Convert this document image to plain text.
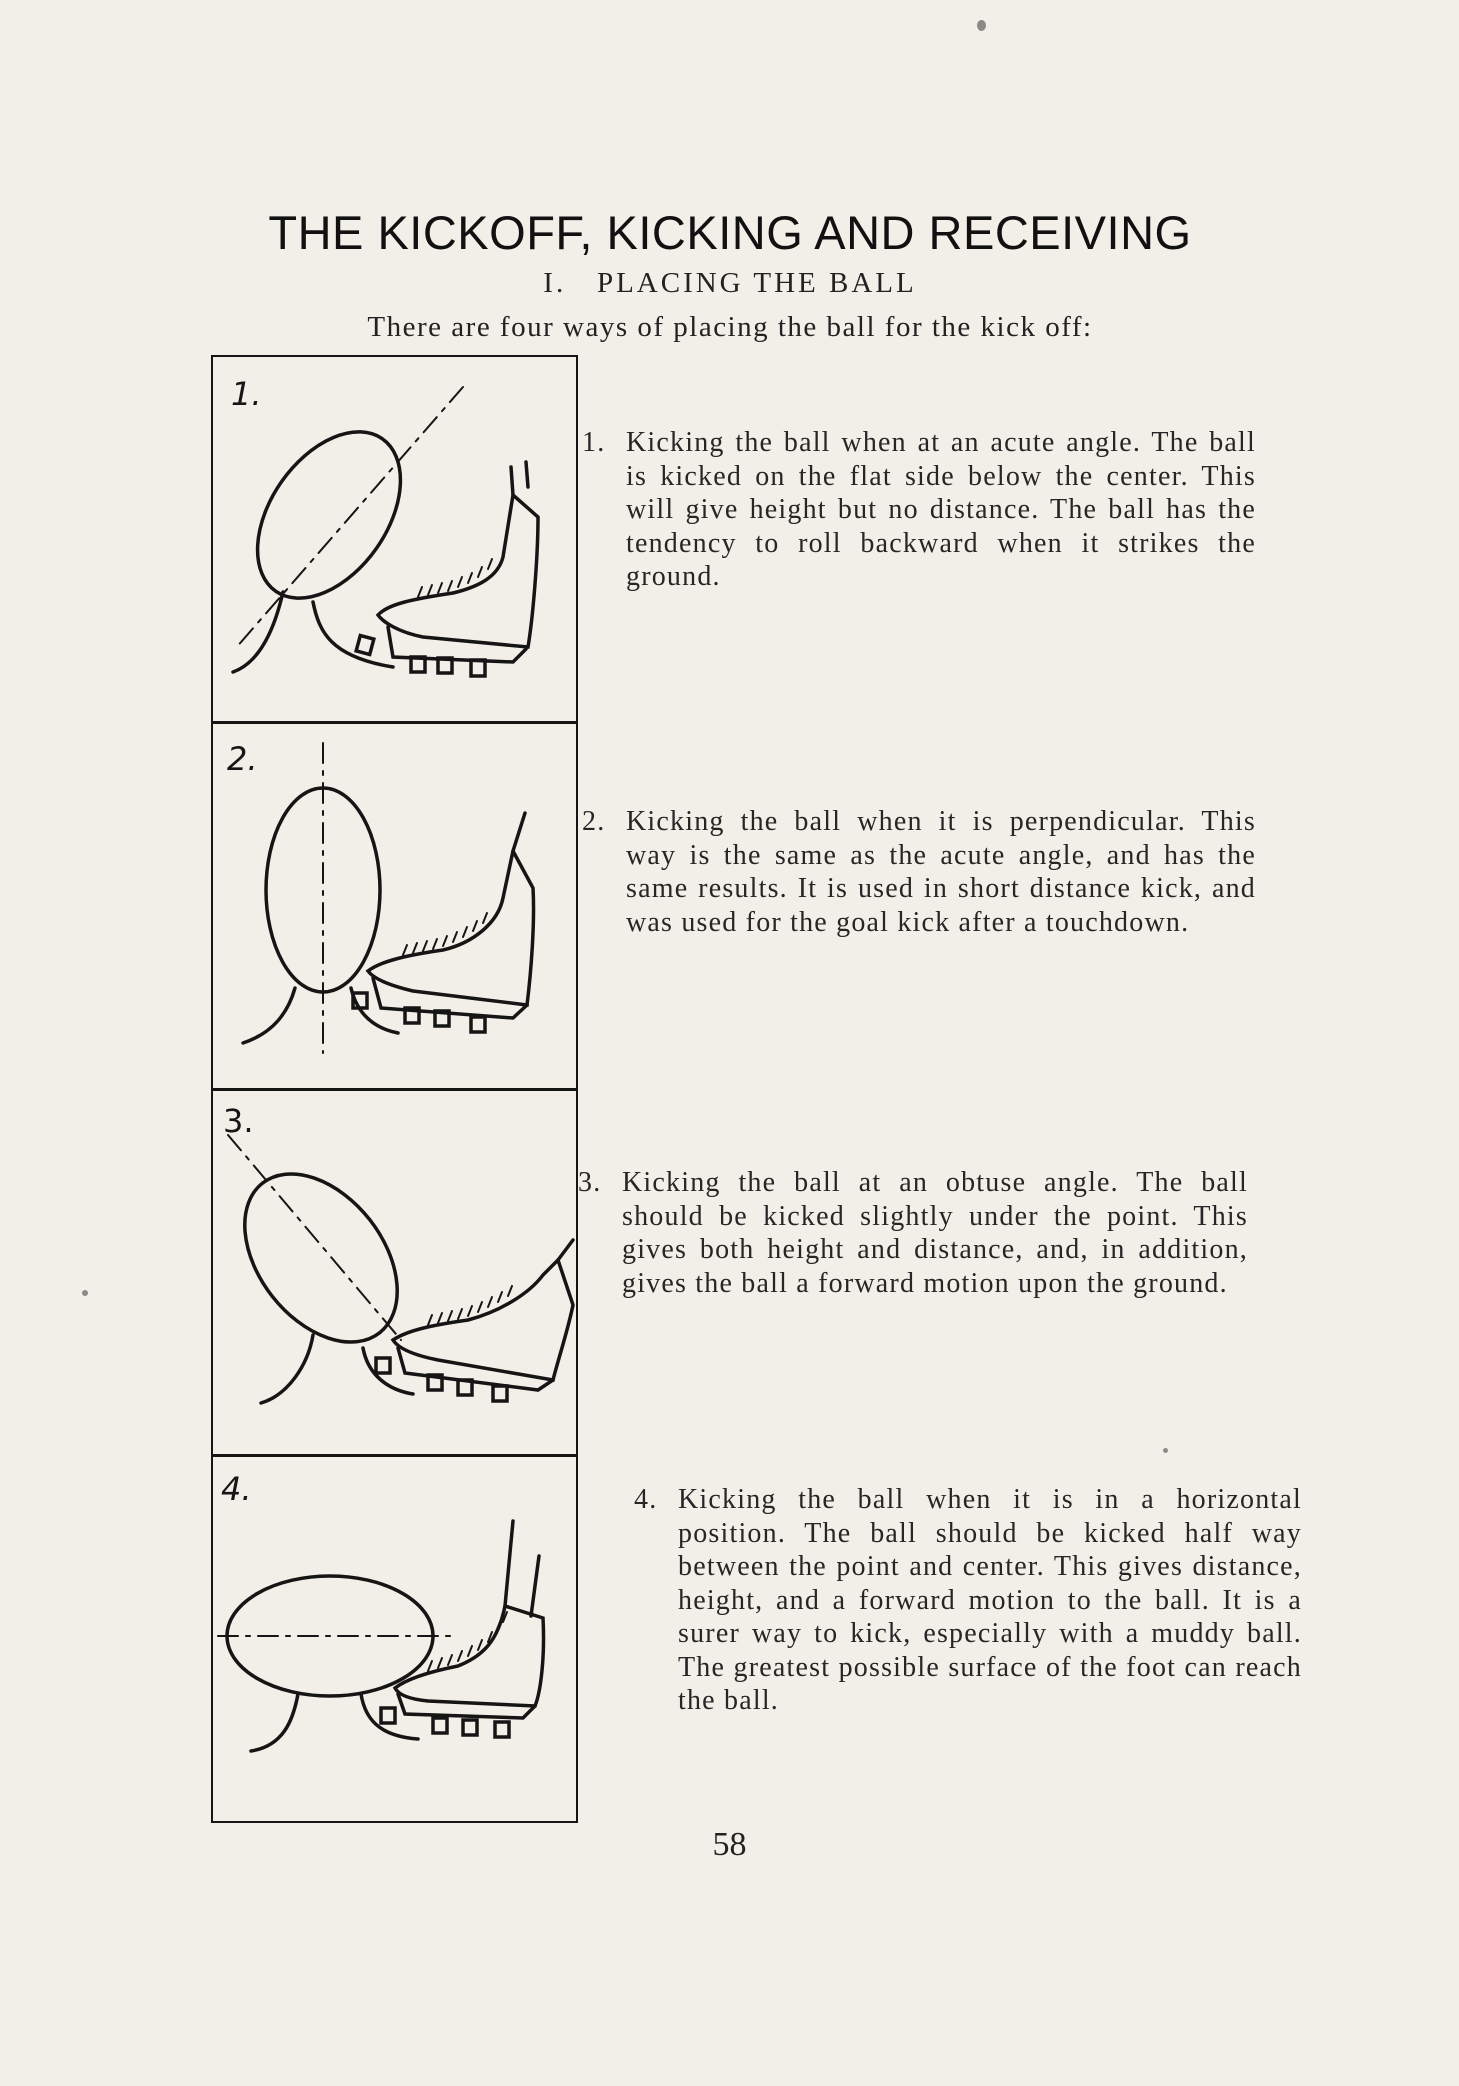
THE KICKOFF, KICKING AND RECEIVING
I.   PLACING THE BALL
There are four ways of placing the ball for the kick off:
1.
2.
3.
4.
1. Kicking the ball when at an acute angle. The ball is kicked on the flat side below the center. This will give height but no distance. The ball has the tendency to roll backward when it strikes the ground.
2. Kicking the ball when it is perpendicular. This way is the same as the acute angle, and has the same results. It is used in short distance kick, and was used for the goal kick after a touchdown.
3. Kicking the ball at an obtuse angle. The ball should be kicked slightly under the point. This gives both height and distance, and, in addition, gives the ball a forward motion upon the ground.
4. Kicking the ball when it is in a horizontal position. The ball should be kicked half way between the point and center. This gives distance, height, and a forward motion to the ball. It is a surer way to kick, especially with a muddy ball. The greatest possible surface of the foot can reach the ball.
58
